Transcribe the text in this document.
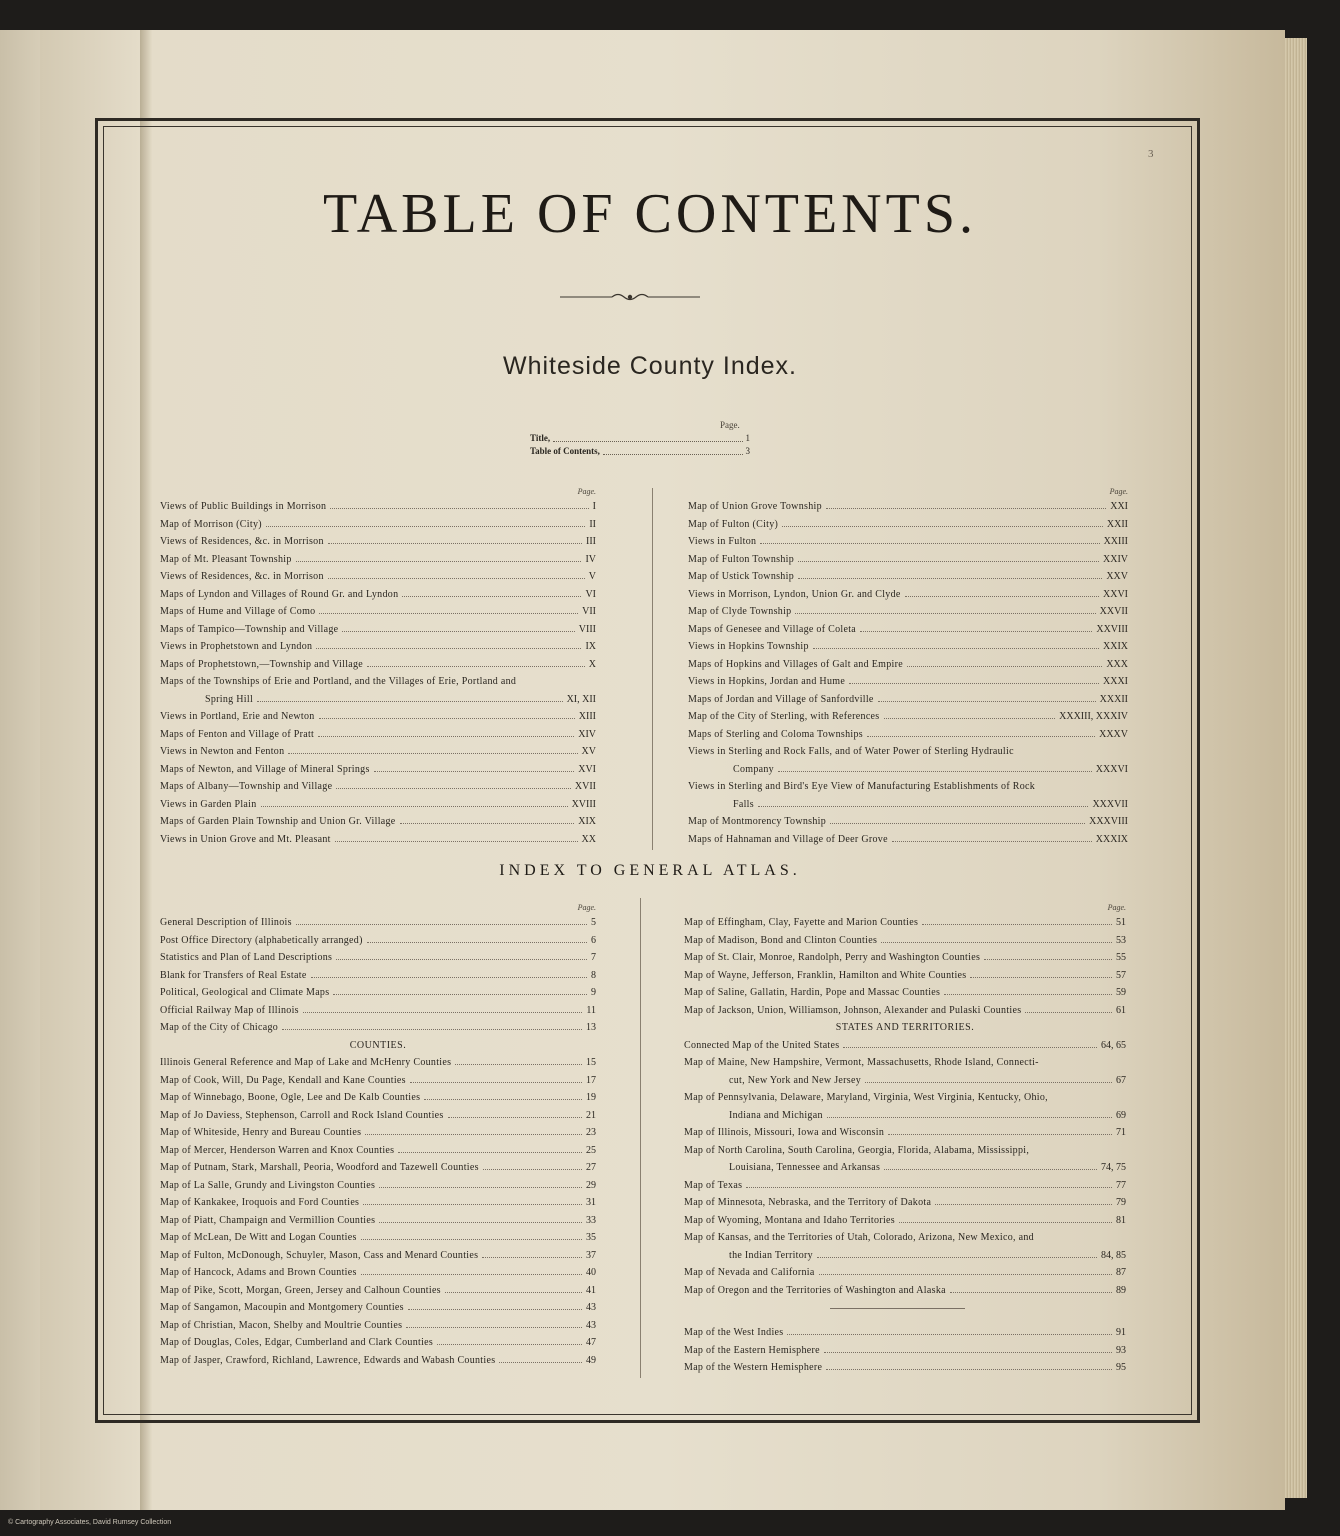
3
TABLE OF CONTENTS.
Whiteside County Index.
Page.
Title,	1
Table of Contents,	3
Page.
Views of Public Buildings in Morrison	I
Map of Morrison (City)	II
Views of Residences, &c. in Morrison	III
Map of Mt. Pleasant Township	IV
Views of Residences, &c. in Morrison	V
Maps of Lyndon and Villages of Round Gr. and Lyndon	VI
Maps of Hume and Village of Como	VII
Maps of Tampico—Township and Village	VIII
Views in Prophetstown and Lyndon	IX
Maps of Prophetstown,—Township and Village	X
Maps of the Townships of Erie and Portland, and the Villages of Erie, Portland and
Spring Hill	XI, XII
Views in Portland, Erie and Newton	XIII
Maps of Fenton and Village of Pratt	XIV
Views in Newton and Fenton	XV
Maps of Newton, and Village of Mineral Springs	XVI
Maps of Albany—Township and Village	XVII
Views in Garden Plain	XVIII
Maps of Garden Plain Township and Union Gr. Village	XIX
Views in Union Grove and Mt. Pleasant	XX
Page.
Map of Union Grove Township	XXI
Map of Fulton (City)	XXII
Views in Fulton	XXIII
Map of Fulton Township	XXIV
Map of Ustick Township	XXV
Views in Morrison, Lyndon, Union Gr. and Clyde	XXVI
Map of Clyde Township	XXVII
Maps of Genesee and Village of Coleta	XXVIII
Views in Hopkins Township	XXIX
Maps of Hopkins and Villages of Galt and Empire	XXX
Views in Hopkins, Jordan and Hume	XXXI
Maps of Jordan and Village of Sanfordville	XXXII
Map of the City of Sterling, with References	XXXIII, XXXIV
Maps of Sterling and Coloma Townships	XXXV
Views in Sterling and Rock Falls, and of Water Power of Sterling Hydraulic
Company	XXXVI
Views in Sterling and Bird's Eye View of Manufacturing Establishments of Rock
Falls	XXXVII
Map of Montmorency Township	XXXVIII
Maps of Hahnaman and Village of Deer Grove	XXXIX
INDEX TO GENERAL ATLAS.
Page.
General Description of Illinois	5
Post Office Directory (alphabetically arranged)	6
Statistics and Plan of Land Descriptions	7
Blank for Transfers of Real Estate	8
Political, Geological and Climate Maps	9
Official Railway Map of Illinois	11
Map of the City of Chicago	13
COUNTIES.
Illinois General Reference and Map of Lake and McHenry Counties	15
Map of Cook, Will, Du Page, Kendall and Kane Counties	17
Map of Winnebago, Boone, Ogle, Lee and De Kalb Counties	19
Map of Jo Daviess, Stephenson, Carroll and Rock Island Counties	21
Map of Whiteside, Henry and Bureau Counties	23
Map of Mercer, Henderson Warren and Knox Counties	25
Map of Putnam, Stark, Marshall, Peoria, Woodford and Tazewell Counties	27
Map of La Salle, Grundy and Livingston Counties	29
Map of Kankakee, Iroquois and Ford Counties	31
Map of Piatt, Champaign and Vermillion Counties	33
Map of McLean, De Witt and Logan Counties	35
Map of Fulton, McDonough, Schuyler, Mason, Cass and Menard Counties	37
Map of Hancock, Adams and Brown Counties	40
Map of Pike, Scott, Morgan, Green, Jersey and Calhoun Counties	41
Map of Sangamon, Macoupin and Montgomery Counties	43
Map of Christian, Macon, Shelby and Moultrie Counties	43
Map of Douglas, Coles, Edgar, Cumberland and Clark Counties	47
Map of Jasper, Crawford, Richland, Lawrence, Edwards and Wabash Counties	49
Page.
Map of Effingham, Clay, Fayette and Marion Counties	51
Map of Madison, Bond and Clinton Counties	53
Map of St. Clair, Monroe, Randolph, Perry and Washington Counties	55
Map of Wayne, Jefferson, Franklin, Hamilton and White Counties	57
Map of Saline, Gallatin, Hardin, Pope and Massac Counties	59
Map of Jackson, Union, Williamson, Johnson, Alexander and Pulaski Counties	61
STATES AND TERRITORIES.
Connected Map of the United States	64, 65
Map of Maine, New Hampshire, Vermont, Massachusetts, Rhode Island, Connecti-
cut, New York and New Jersey	67
Map of Pennsylvania, Delaware, Maryland, Virginia, West Virginia, Kentucky, Ohio,
Indiana and Michigan	69
Map of Illinois, Missouri, Iowa and Wisconsin	71
Map of North Carolina, South Carolina, Georgia, Florida, Alabama, Mississippi,
Louisiana, Tennessee and Arkansas	74, 75
Map of Texas	77
Map of Minnesota, Nebraska, and the Territory of Dakota	79
Map of Wyoming, Montana and Idaho Territories	81
Map of Kansas, and the Territories of Utah, Colorado, Arizona, New Mexico, and
the Indian Territory	84, 85
Map of Nevada and California	87
Map of Oregon and the Territories of Washington and Alaska	89
Map of the West Indies	91
Map of the Eastern Hemisphere	93
Map of the Western Hemisphere	95
© Cartography Associates, David Rumsey Collection
